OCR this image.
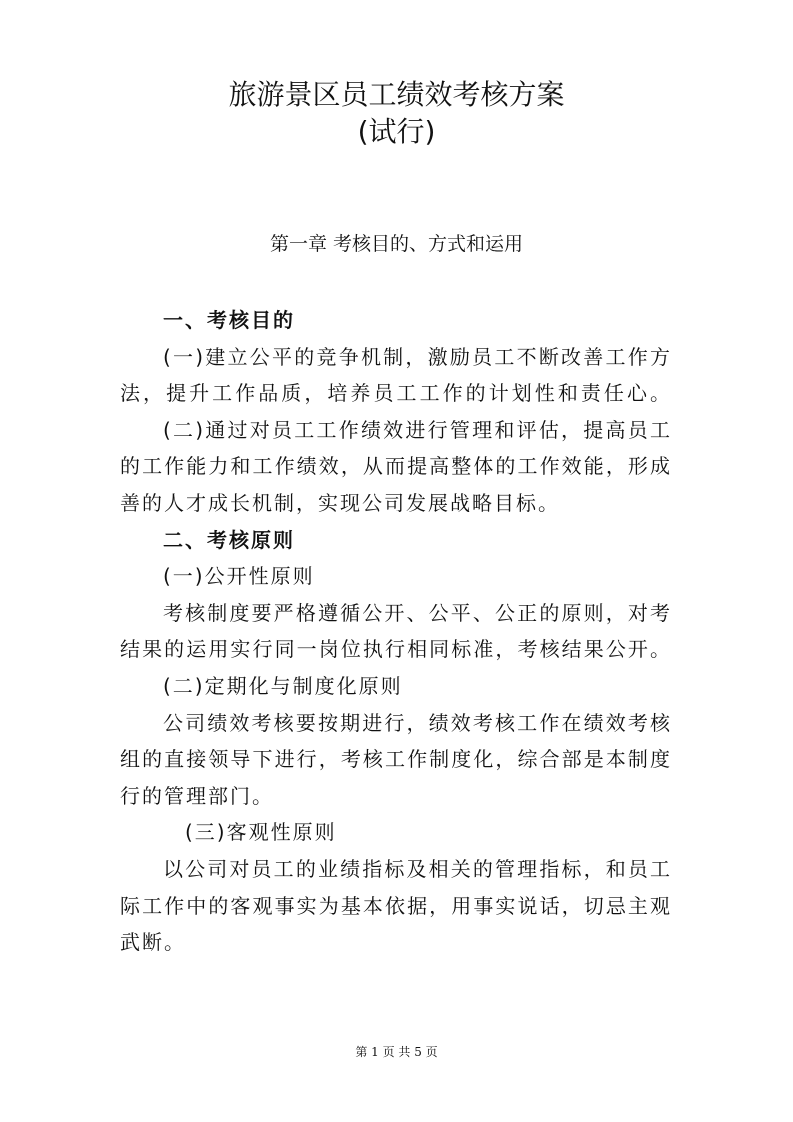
旅游景区员工绩效考核方案
(试行)
第一章 考核目的、方式和运用
一、考核目的
(一)建立公平的竞争机制，激励员工不断改善工作方
法，提升工作品质，培养员工工作的计划性和责任心。
(二)通过对员工工作绩效进行管理和评估，提高员工
的工作能力和工作绩效，从而提高整体的工作效能，形成
善的人才成长机制，实现公司发展战略目标。
二、考核原则
(一)公开性原则
考核制度要严格遵循公开、公平、公正的原则，对考
结果的运用实行同一岗位执行相同标准，考核结果公开。
(二)定期化与制度化原则
公司绩效考核要按期进行，绩效考核工作在绩效考核
组的直接领导下进行，考核工作制度化，综合部是本制度
行的管理部门。
(三)客观性原则
以公司对员工的业绩指标及相关的管理指标，和员工
际工作中的客观事实为基本依据，用事实说话，切忌主观
武断。
第 1 页 共 5 页
